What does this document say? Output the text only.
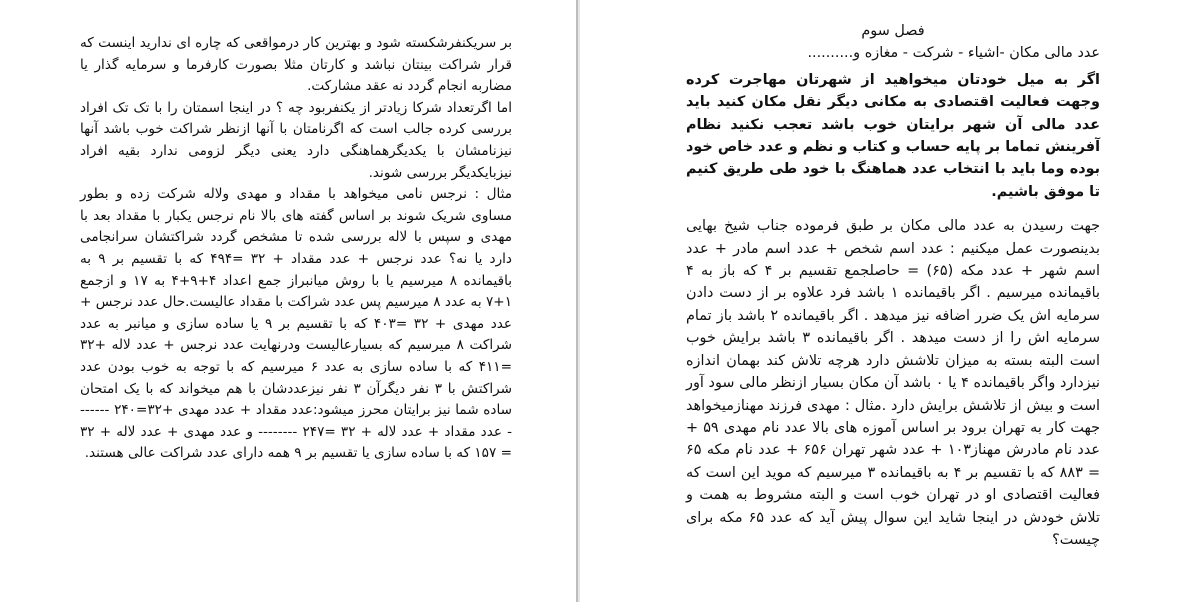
بر سریکنفرشکسته شود و بهترین کار درمواقعی که چاره ای ندارید اینست که قرار شراکت بینتان نباشد و کارتان مثلا بصورت کارفرما و سرمایه گذار یا مضاربه انجام گردد نه عقد مشارکت.

اما اگرتعداد شرکا زیادتر از یکنفربود چه ؟ در اینجا اسمتان را با تک تک افراد بررسی کرده جالب است که اگرنامتان با آنها ازنظر شراکت خوب باشد آنها نیزنامشان با یکدیگرهماهنگی دارد یعنی دیگر لزومی ندارد بقیه افراد نیزبایکدیگر بررسی شوند.

مثال : نرجس نامی میخواهد با مقداد و مهدی ولاله شرکت زده و بطور مساوی شریک شوند بر اساس گفته های بالا نام نرجس یکبار با مقداد بعد با مهدی و سپس با لاله بررسی شده تا مشخص گردد شراکتشان سرانجامی دارد یا نه؟ عدد نرجس + عدد مقداد + ۳۲ =۴۹۴ که با تقسیم بر ۹ به باقیمانده ۸ میرسیم یا با روش میانبراز جمع اعداد ۴+۹+۴ به ۱۷ و ازجمع ۱+۷ به عدد ۸ میرسیم پس عدد شراکت با مقداد عالیست.حال عدد نرجس + عدد مهدی + ۳۲ =۴۰۳ که با تقسیم بر ۹ یا ساده سازی و میانبر به عدد شراکت ۸ میرسیم که بسیارعالیست ودرنهایت عدد نرجس + عدد لاله +۳۲ =۴۱۱ که با ساده سازی به عدد ۶ میرسیم که با توجه به خوب بودن عدد شراکتش با ۳ نفر دیگرآن ۳ نفر نیزعددشان با هم میخواند که با یک امتحان ساده شما نیز برایتان محرز میشود:عدد مقداد + عدد مهدی +۳۲=۲۴۰ ------- عدد مقداد + عدد لاله + ۳۲ =۲۴۷ -------- و عدد مهدی + عدد لاله + ۳۲ = ۱۵۷ که با ساده سازی یا تقسیم بر ۹ همه دارای عدد شراکت عالی هستند.

فصل سوم

عدد مالی مکان -اشیاء - شرکت - مغازه و..........

اگر به میل خودتان میخواهید از شهرتان مهاجرت کرده وجهت فعالیت اقتصادی به مکانی دیگر نقل مکان کنید باید عدد مالی آن شهر برایتان خوب باشد تعجب نکنید نظام آفرینش تماما بر پایه حساب و کتاب و نظم و عدد خاص خود بوده وما باید با انتخاب عدد هماهنگ با خود طی طریق کنیم تا موفق باشیم.

جهت رسیدن به عدد مالی مکان بر طبق فرموده جناب شیخ بهایی بدینصورت عمل میکنیم : عدد اسم شخص + عدد اسم مادر + عدد اسم شهر + عدد مکه (۶۵) = حاصلجمع تقسیم بر ۴ که باز به ۴ باقیمانده میرسیم . اگر باقیمانده ۱ باشد فرد علاوه بر از دست دادن سرمایه اش یک ضرر اضافه نیز میدهد . اگر باقیمانده ۲ باشد باز تمام سرمایه اش را از دست میدهد . اگر باقیمانده ۳ باشد برایش خوب است البته بسته به میزان تلاشش دارد هرچه تلاش کند بهمان اندازه نیزدارد واگر باقیمانده ۴ یا ۰ باشد آن مکان بسیار ازنظر مالی سود آور است و بیش از تلاشش برایش دارد .مثال : مهدی فرزند مهنازمیخواهد جهت کار به تهران برود بر اساس آموزه های بالا عدد نام مهدی ۵۹ + عدد نام مادرش مهناز۱۰۳ + عدد شهر تهران ۶۵۶ + عدد نام مکه ۶۵ = ۸۸۳ که با تقسیم بر ۴ به باقیمانده ۳ میرسیم که موید این است که فعالیت اقتصادی او در تهران خوب است و البته مشروط به همت و تلاش خودش در اینجا شاید این سوال پیش آید که عدد ۶۵ مکه برای چیست؟
